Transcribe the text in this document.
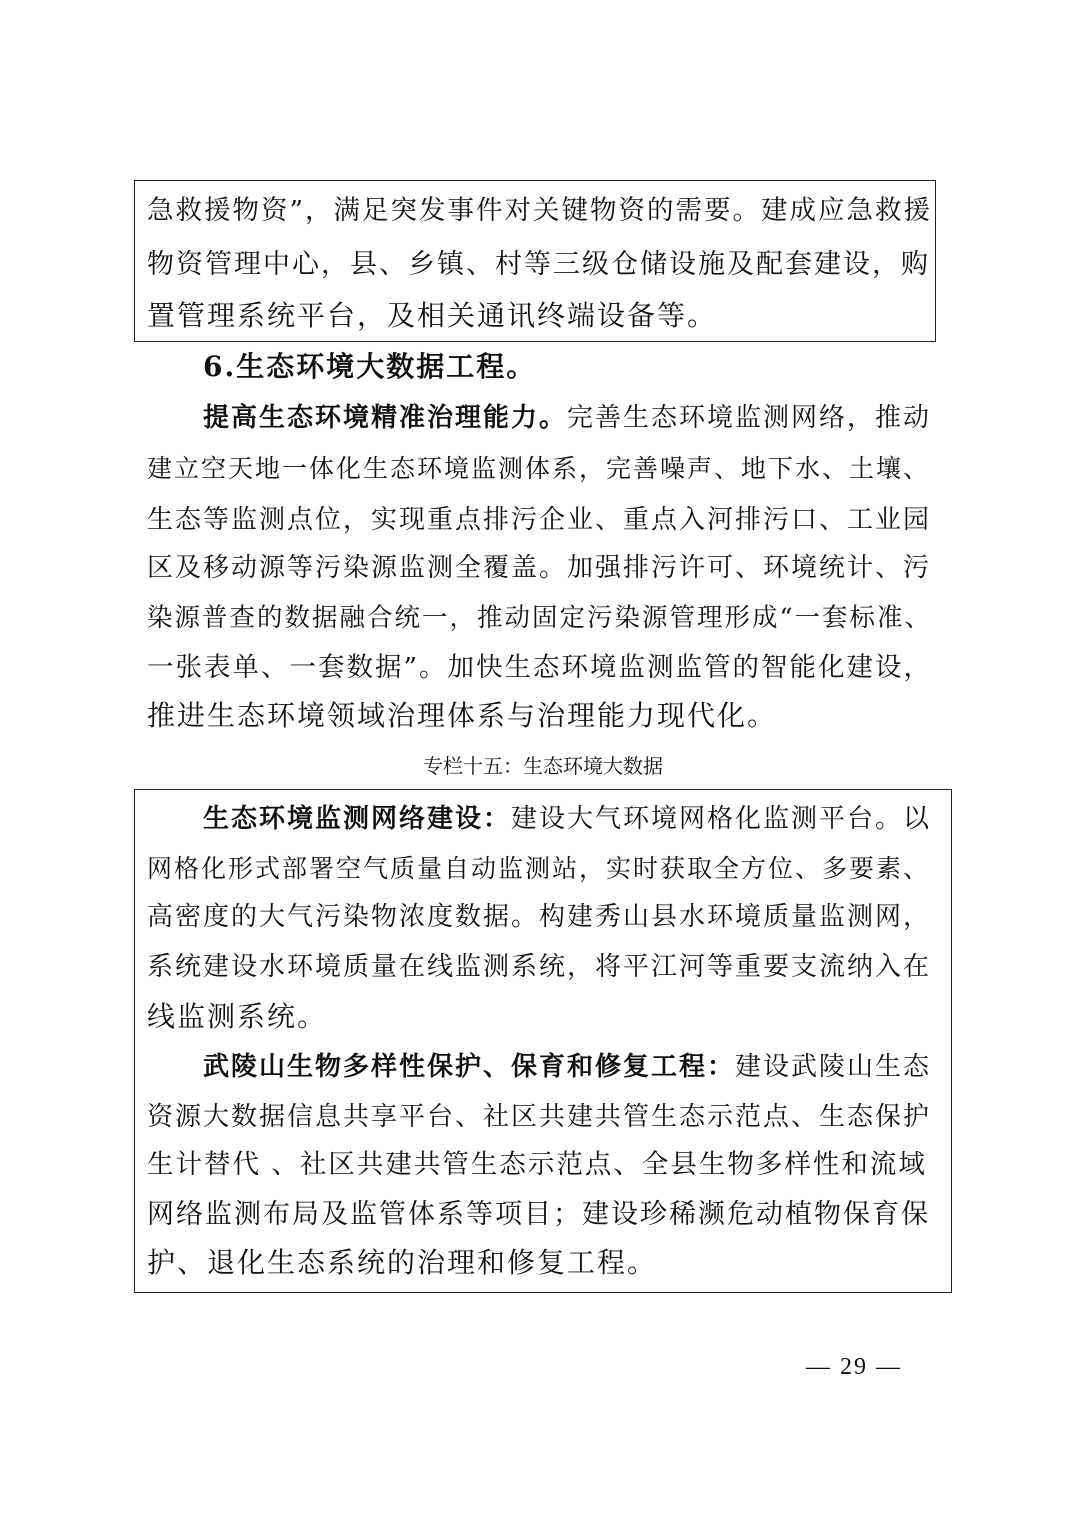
急救援物资”，满足突发事件对关键物资的需要。建成应急救援
物资管理中心，县、乡镇、村等三级仓储设施及配套建设，购
置管理系统平台，及相关通讯终端设备等。
6.生态环境大数据工程。
提高生态环境精准治理能力。完善生态环境监测网络，推动
建立空天地一体化生态环境监测体系，完善噪声、地下水、土壤、
生态等监测点位，实现重点排污企业、重点入河排污口、工业园
区及移动源等污染源监测全覆盖。加强排污许可、环境统计、污
染源普查的数据融合统一，推动固定污染源管理形成“一套标准、
一张表单、一套数据”。加快生态环境监测监管的智能化建设，
推进生态环境领域治理体系与治理能力现代化。
专栏十五：生态环境大数据
生态环境监测网络建设：建设大气环境网格化监测平台。以
网格化形式部署空气质量自动监测站，实时获取全方位、多要素、
高密度的大气污染物浓度数据。构建秀山县水环境质量监测网，
系统建设水环境质量在线监测系统，将平江河等重要支流纳入在
线监测系统。
武陵山生物多样性保护、保育和修复工程：建设武陵山生态
资源大数据信息共享平台、社区共建共管生态示范点、生态保护
生计替代 、社区共建共管生态示范点、全县生物多样性和流域
网络监测布局及监管体系等项目；建设珍稀濒危动植物保育保
护、退化生态系统的治理和修复工程。
— 29 —
